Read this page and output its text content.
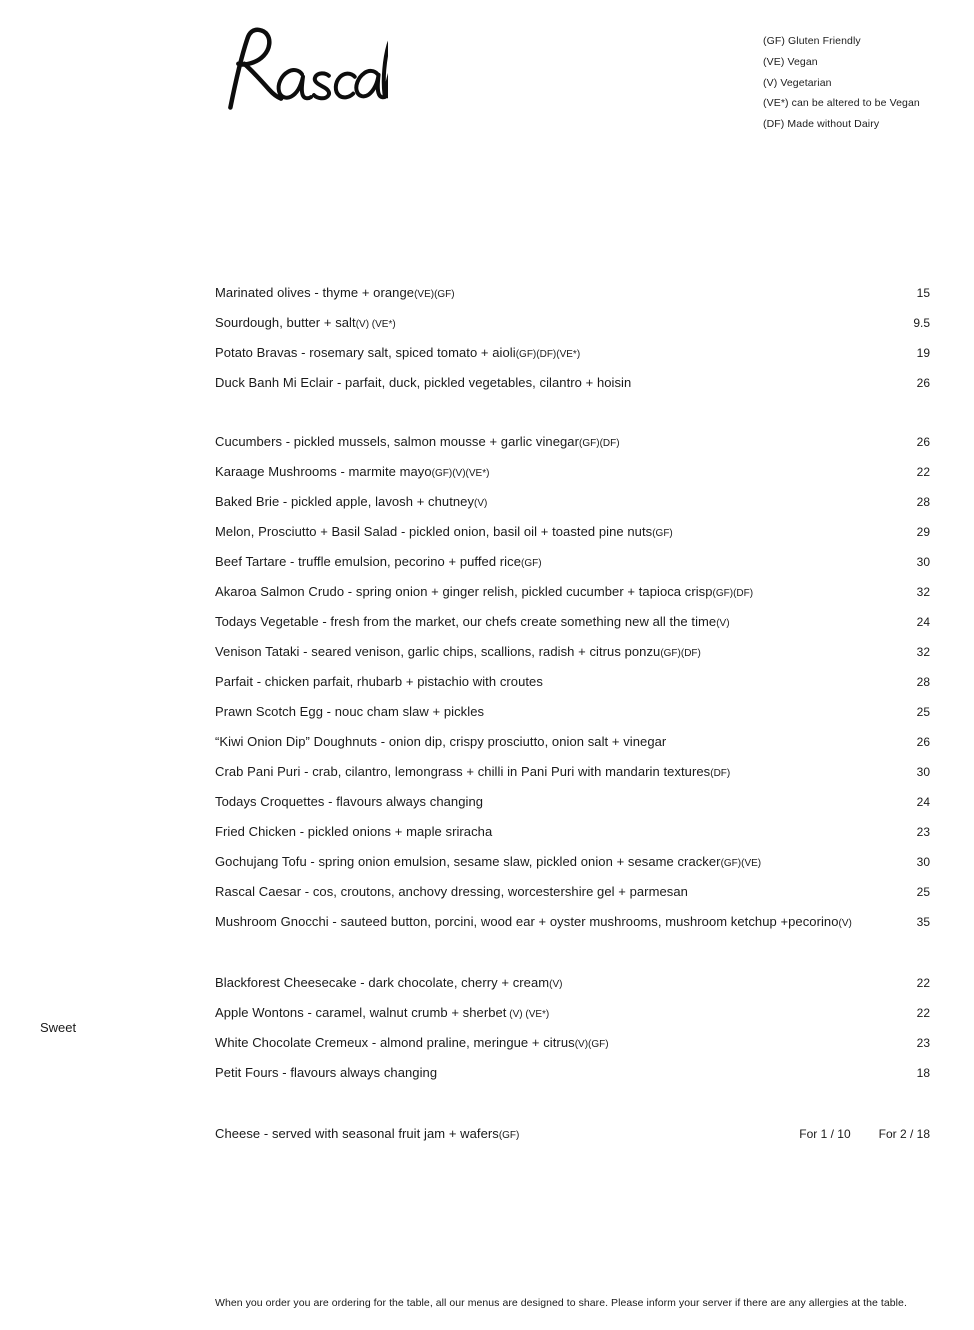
(GF) Gluten Friendly
(VE) Vegan
(V) Vegetarian
(VE*) can be altered to be Vegan
(DF) Made without Dairy
Marinated olives - thyme + orange (VE)(GF)	15
Sourdough, butter + salt (V) (VE*)	9.5
Potato Bravas - rosemary salt, spiced tomato + aioli (GF)(DF)(VE*)	19
Duck Banh Mi Eclair - parfait, duck, pickled vegetables, cilantro + hoisin	26
Cucumbers - pickled mussels, salmon mousse + garlic vinegar (GF)(DF)	26
Karaage Mushrooms - marmite mayo (GF)(V)(VE*)	22
Baked Brie - pickled apple, lavosh + chutney (V)	28
Melon, Prosciutto + Basil Salad - pickled onion, basil oil + toasted pine nuts (GF)	29
Beef Tartare - truffle emulsion, pecorino + puffed rice (GF)	30
Akaroa Salmon Crudo - spring onion + ginger relish, pickled cucumber + tapioca crisp (GF)(DF)	32
Todays Vegetable - fresh from the market, our chefs create something new all the time (V)	24
Venison Tataki - seared venison, garlic chips, scallions, radish + citrus ponzu (GF)(DF)	32
Parfait - chicken parfait, rhubarb + pistachio with croutes	28
Prawn Scotch Egg - nouc cham slaw + pickles	25
“Kiwi Onion Dip” Doughnuts - onion dip, crispy prosciutto, onion salt + vinegar	26
Crab Pani Puri - crab, cilantro, lemongrass + chilli in Pani Puri with mandarin textures (DF)	30
Todays Croquettes - flavours always changing	24
Fried Chicken - pickled onions + maple sriracha	23
Gochujang Tofu - spring onion emulsion, sesame slaw, pickled onion + sesame cracker (GF)(VE)	30
Rascal Caesar - cos, croutons, anchovy dressing, worcestershire gel + parmesan	25
Mushroom Gnocchi - sauteed button, porcini, wood ear + oyster mushrooms, mushroom ketchup +pecorino (V)	35
Sweet
Blackforest Cheesecake - dark chocolate, cherry + cream (V)	22
Apple Wontons - caramel, walnut crumb + sherbet (V) (VE*)	22
White Chocolate Cremeux - almond praline, meringue + citrus (V)(GF)	23
Petit Fours - flavours always changing	18
Cheese - served with seasonal fruit jam + wafers (GF)	For 1 / 10 For 2 / 18
When you order you are ordering for the table, all our menus are designed to share. Please inform your server if there are any allergies at the table.
